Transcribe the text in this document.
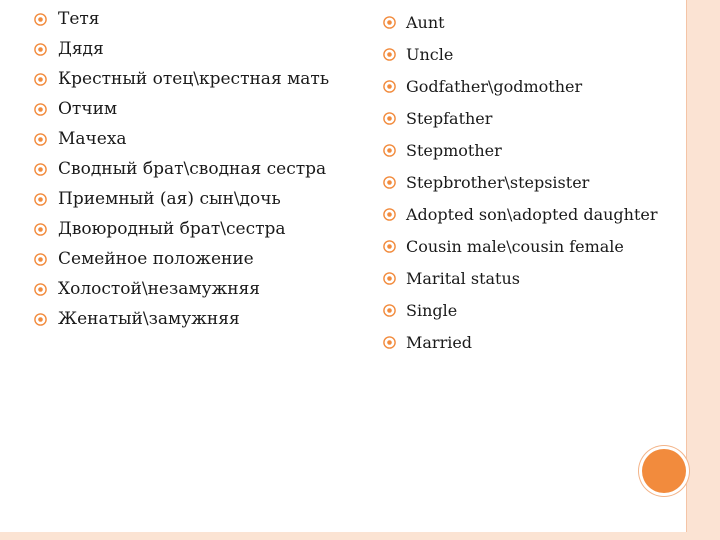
Тетя
Дядя
Крестный отец\крестная мать
Отчим
Мачеха
Сводный брат\сводная сестра
Приемный (ая) сын\дочь
Двоюродный брат\сестра
Семейное положение
Холостой\незамужняя
Женатый\замужняя
Aunt
Uncle
Godfather\godmother
Stepfather
Stepmother
Stepbrother\stepsister
Adopted son\adopted daughter
Cousin male\cousin female
Marital status
Single
Married
